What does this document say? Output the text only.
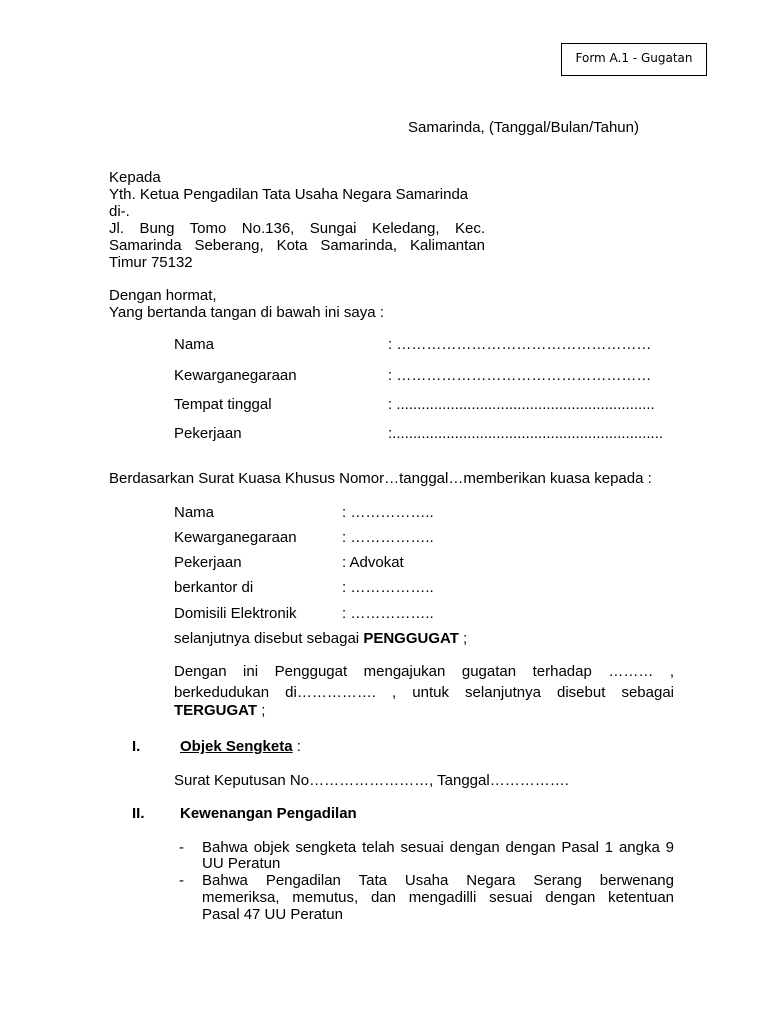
Form A.1 - Gugatan
Samarinda, (Tanggal/Bulan/Tahun)
Kepada
Yth. Ketua Pengadilan Tata Usaha Negara Samarinda
di-.
Jl. Bung Tomo No.136, Sungai Keledang, Kec.
Samarinda Seberang, Kota Samarinda, Kalimantan
Timur 75132
Dengan hormat,
Yang bertanda tangan di bawah ini saya :
Nama	: ……………………………………………
Kewarganegaraan	: ……………………………………………
Tempat tinggal	: ..............................................................
Pekerjaan	:.................................................................
Berdasarkan Surat Kuasa Khusus Nomor…tanggal…memberikan kuasa kepada :
Nama	: ……………..
Kewarganegaraan	: ……………..
Pekerjaan	: Advokat
berkantor di	: ……………..
Domisili Elektronik	: ……………..
selanjutnya disebut sebagai PENGGUGAT ;
Dengan ini Penggugat mengajukan gugatan terhadap ……… ,
berkedudukan di……………. , untuk selanjutnya disebut sebagai
TERGUGAT ;
I.	Objek Sengketa :
Surat Keputusan No……………………, Tanggal…………….
II. Kewenangan Pengadilan
- Bahwa objek sengketa telah sesuai dengan dengan Pasal 1 angka 9
UU Peratun
- Bahwa Pengadilan Tata Usaha Negara Serang berwenang
memeriksa, memutus, dan mengadilli sesuai dengan ketentuan
Pasal 47 UU Peratun
